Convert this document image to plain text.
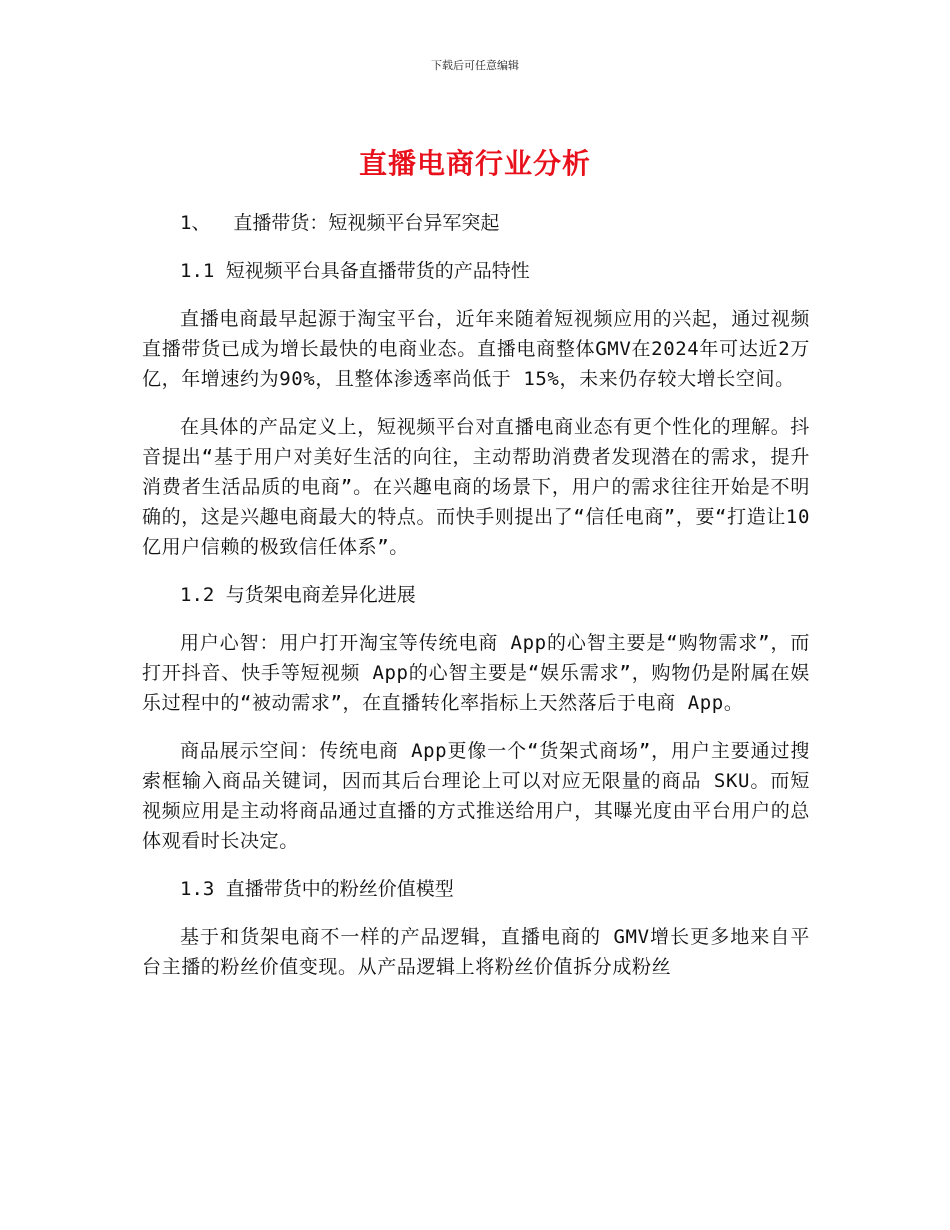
下载后可任意编辑
直播电商行业分析
1、  直播带货：短视频平台异军突起
1.1 短视频平台具备直播带货的产品特性

直播电商最早起源于淘宝平台，近年来随着短视频应用的兴起，通过视频直播带货已成为增长最快的电商业态。直播电商整体GMV在2024年可达近2万亿，年增速约为90%，且整体渗透率尚低于 15%，未来仍存较大增长空间。

在具体的产品定义上，短视频平台对直播电商业态有更个性化的理解。抖音提出“基于用户对美好生活的向往，主动帮助消费者发现潜在的需求，提升消费者生活品质的电商”。在兴趣电商的场景下，用户的需求往往开始是不明确的，这是兴趣电商最大的特点。而快手则提出了“信任电商”，要“打造让10亿用户信赖的极致信任体系”。

1.2 与货架电商差异化进展

用户心智：用户打开淘宝等传统电商 App的心智主要是“购物需求”，而打开抖音、快手等短视频 App的心智主要是“娱乐需求”，购物仍是附属在娱乐过程中的“被动需求”，在直播转化率指标上天然落后于电商 App。

商品展示空间：传统电商 App更像一个“货架式商场”，用户主要通过搜索框输入商品关键词，因而其后台理论上可以对应无限量的商品 SKU。而短视频应用是主动将商品通过直播的方式推送给用户，其曝光度由平台用户的总 体观看时长决定。

1.3 直播带货中的粉丝价值模型

基于和货架电商不一样的产品逻辑，直播电商的 GMV增长更多地来自平台主播的粉丝价值变现。从产品逻辑上将粉丝价值拆分成粉丝
